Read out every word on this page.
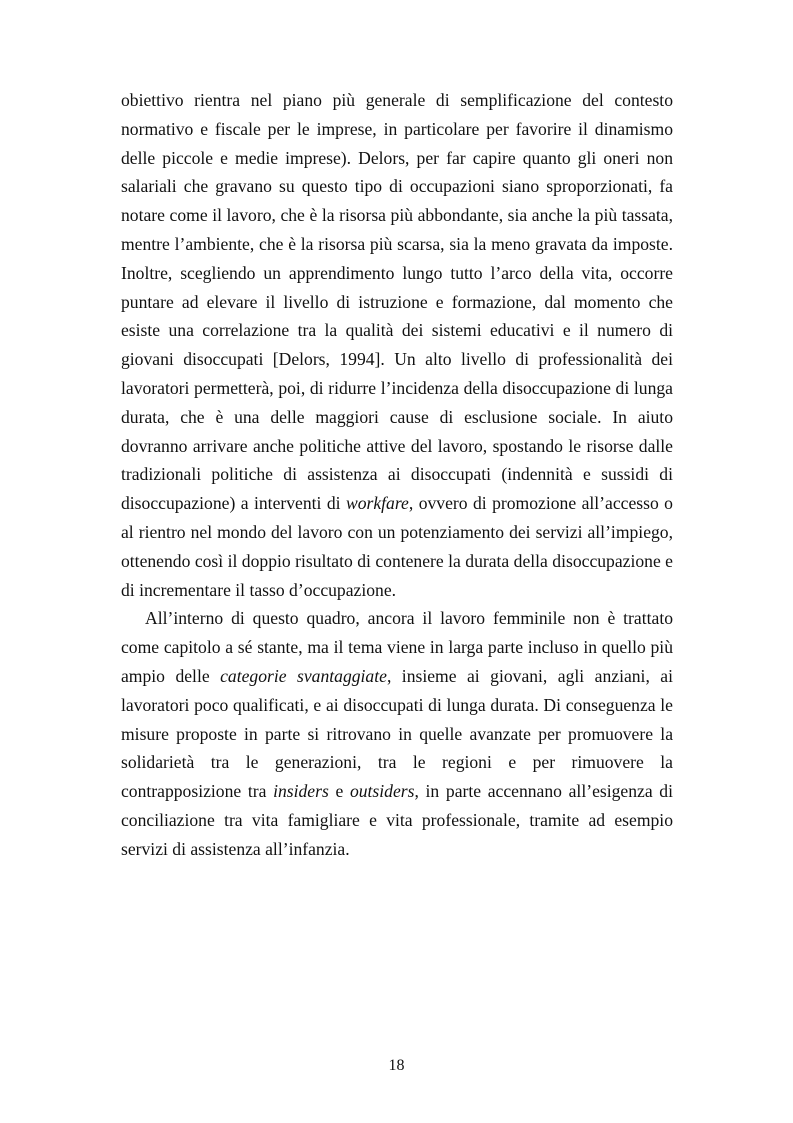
obiettivo rientra nel piano più generale di semplificazione del contesto normativo e fiscale per le imprese, in particolare per favorire il dinamismo delle piccole e medie imprese). Delors, per far capire quanto gli oneri non salariali che gravano su questo tipo di occupazioni siano sproporzionati, fa notare come il lavoro, che è la risorsa più abbondante, sia anche la più tassata, mentre l’ambiente, che è la risorsa più scarsa, sia la meno gravata da imposte. Inoltre, scegliendo un apprendimento lungo tutto l’arco della vita, occorre puntare ad elevare il livello di istruzione e formazione, dal momento che esiste una correlazione tra la qualità dei sistemi educativi e il numero di giovani disoccupati [Delors, 1994]. Un alto livello di professionalità dei lavoratori permetterà, poi, di ridurre l’incidenza della disoccupazione di lunga durata, che è una delle maggiori cause di esclusione sociale. In aiuto dovranno arrivare anche politiche attive del lavoro, spostando le risorse dalle tradizionali politiche di assistenza ai disoccupati (indennità e sussidi di disoccupazione) a interventi di workfare, ovvero di promozione all’accesso o al rientro nel mondo del lavoro con un potenziamento dei servizi all’impiego, ottenendo così il doppio risultato di contenere la durata della disoccupazione e di incrementare il tasso d’occupazione.

All’interno di questo quadro, ancora il lavoro femminile non è trattato come capitolo a sé stante, ma il tema viene in larga parte incluso in quello più ampio delle categorie svantaggiate, insieme ai giovani, agli anziani, ai lavoratori poco qualificati, e ai disoccupati di lunga durata. Di conseguenza le misure proposte in parte si ritrovano in quelle avanzate per promuovere la solidarietà tra le generazioni, tra le regioni e per rimuovere la contrapposizione tra insiders e outsiders, in parte accennano all’esigenza di conciliazione tra vita famigliare e vita professionale, tramite ad esempio servizi di assistenza all’infanzia.

18
